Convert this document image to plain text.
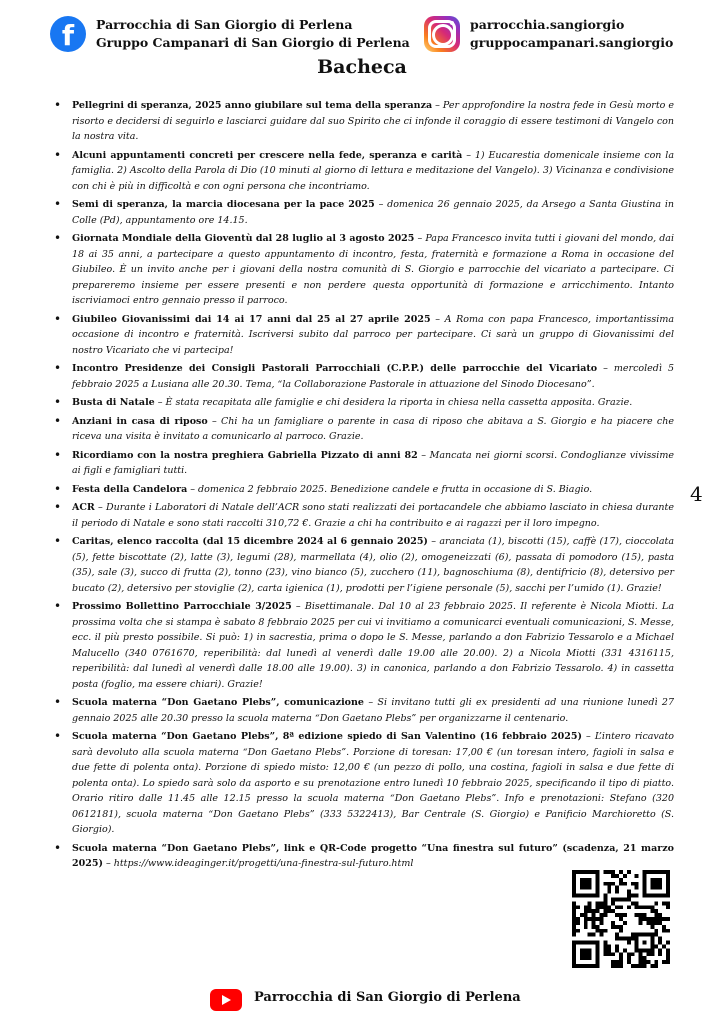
f	Parrocchia di San Giorgio di Perlena
Gruppo Campanari di San Giorgio di Perlena
parrocchia.sangiorgio
gruppocampanari.sangiorgio
Bacheca
• Pellegrini di speranza, 2025 anno giubilare sul tema della speranza – Per approfondire la nostra fede in Gesù morto e risorto e decidersi di seguirlo e lasciarci guidare dal suo Spirito che ci infonde il coraggio di essere testimoni di Vangelo con la nostra vita.
• Alcuni appuntamenti concreti per crescere nella fede, speranza e carità – 1) Eucarestia domenicale insieme con la famiglia. 2) Ascolto della Parola di Dio (10 minuti al giorno di lettura e meditazione del Vangelo). 3) Vicinanza e condivisione con chi è più in difficoltà e con ogni persona che incontriamo.
• Semi di speranza, la marcia diocesana per la pace 2025 – domenica 26 gennaio 2025, da Arsego a Santa Giustina in Colle (Pd), appuntamento ore 14.15.
• Giornata Mondiale della Gioventù dal 28 luglio al 3 agosto 2025 – Papa Francesco invita tutti i giovani del mondo, dai 18 ai 35 anni, a partecipare a questo appuntamento di incontro, festa, fraternità e formazione a Roma in occasione del Giubileo. È un invito anche per i giovani della nostra comunità di S. Giorgio e parrocchie del vicariato a partecipare. Ci prepareremo insieme per essere presenti e non perdere questa opportunità di formazione e arricchimento. Intanto iscriviamoci entro gennaio presso il parroco.
• Giubileo Giovanissimi dai 14 ai 17 anni dal 25 al 27 aprile 2025 – A Roma con papa Francesco, importantissima occasione di incontro e fraternità. Iscriversi subito dal parroco per partecipare. Ci sarà un gruppo di Giovanissimi del nostro Vicariato che vi partecipa!
• Incontro Presidenze dei Consigli Pastorali Parrocchiali (C.P.P.) delle parrocchie del Vicariato – mercoledì 5 febbraio 2025 a Lusiana alle 20.30. Tema, “la Collaborazione Pastorale in attuazione del Sinodo Diocesano”.
• Busta di Natale – È stata recapitata alle famiglie e chi desidera la riporta in chiesa nella cassetta apposita. Grazie.
• Anziani in casa di riposo – Chi ha un famigliare o parente in casa di riposo che abitava a S. Giorgio e ha piacere che riceva una visita è invitato a comunicarlo al parroco. Grazie.
• Ricordiamo con la nostra preghiera Gabriella Pizzato di anni 82 – Mancata nei giorni scorsi. Condoglianze vivissime ai figli e famigliari tutti.
• Festa della Candelora – domenica 2 febbraio 2025. Benedizione candele e frutta in occasione di S. Biagio.
• ACR – Durante i Laboratori di Natale dell’ACR sono stati realizzati dei portacandele che abbiamo lasciato in chiesa durante il periodo di Natale e sono stati raccolti 310,72 €. Grazie a chi ha contribuito e ai ragazzi per il loro impegno.
• Caritas, elenco raccolta (dal 15 dicembre 2024 al 6 gennaio 2025) – aranciata (1), biscotti (15), caffè (17), cioccolata (5), fette biscottate (2), latte (3), legumi (28), marmellata (4), olio (2), omogeneizzati (6), passata di pomodoro (15), pasta (35), sale (3), succo di frutta (2), tonno (23), vino bianco (5), zucchero (11), bagnoschiuma (8), dentifricio (8), detersivo per bucato (2), detersivo per stoviglie (2), carta igienica (1), prodotti per l’igiene personale (5), sacchi per l’umido (1). Grazie!
• Prossimo Bollettino Parrocchiale 3/2025 – Bisettimanale. Dal 10 al 23 febbraio 2025. Il referente è Nicola Miotti. La prossima volta che si stampa è sabato 8 febbraio 2025 per cui vi invitiamo a comunicarci eventuali comunicazioni, S. Messe, ecc. il più presto possibile. Si può: 1) in sacrestia, prima o dopo le S. Messe, parlando a don Fabrizio Tessarolo e a Michael Malucello (340 0761670, reperibilità: dal lunedì al venerdì dalle 19.00 alle 20.00). 2) a Nicola Miotti (331 4316115, reperibilità: dal lunedì al venerdì dalle 18.00 alle 19.00). 3) in canonica, parlando a don Fabrizio Tessarolo. 4) in cassetta posta (foglio, ma essere chiari). Grazie!
• Scuola materna “Don Gaetano Plebs”, comunicazione – Si invitano tutti gli ex presidenti ad una riunione lunedì 27 gennaio 2025 alle 20.30 presso la scuola materna “Don Gaetano Plebs” per organizzarne il centenario.
• Scuola materna “Don Gaetano Plebs”, 8ª edizione spiedo di San Valentino (16 febbraio 2025) – L’intero ricavato sarà devoluto alla scuola materna “Don Gaetano Plebs”. Porzione di toresan: 17,00 € (un toresan intero, fagioli in salsa e due fette di polenta onta). Porzione di spiedo misto: 12,00 € (un pezzo di pollo, una costina, fagioli in salsa e due fette di polenta onta). Lo spiedo sarà solo da asporto e su prenotazione entro lunedì 10 febbraio 2025, specificando il tipo di piatto. Orario ritiro dalle 11.45 alle 12.15 presso la scuola materna “Don Gaetano Plebs”. Info e prenotazioni: Stefano (320 0612181), scuola materna “Don Gaetano Plebs” (333 5322413), Bar Centrale (S. Giorgio) e Panificio Marchioretto (S. Giorgio).
• Scuola materna “Don Gaetano Plebs”, link e QR-Code progetto “Una finestra sul futuro” (scadenza, 21 marzo 2025) – https://www.ideaginger.it/progetti/una-finestra-sul-futuro.html
4
Parrocchia di San Giorgio di Perlena
